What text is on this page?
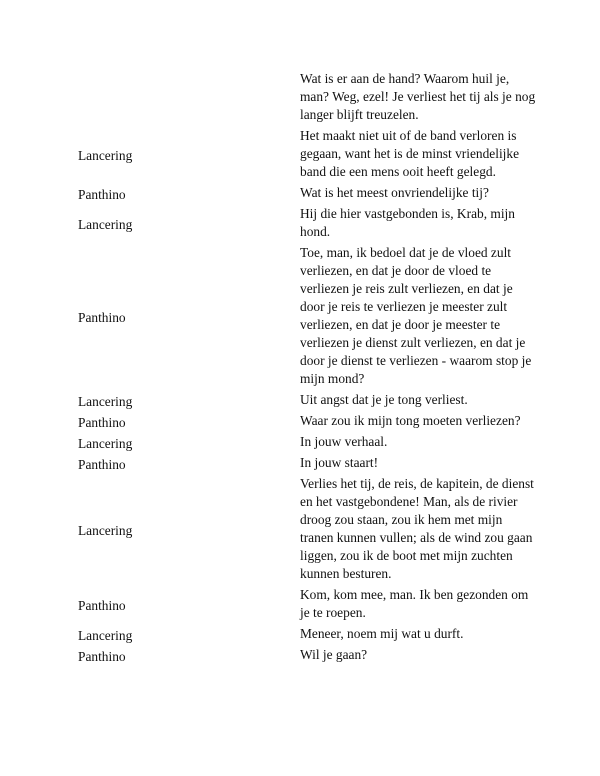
	Wat is er aan de hand? Waarom huil je, man? Weg, ezel! Je verliest het tij als je nog langer blijft treuzelen.
Lancering	Het maakt niet uit of de band verloren is gegaan, want het is de minst vriendelijke band die een mens ooit heeft gelegd.
Panthino	Wat is het meest onvriendelijke tij?
Lancering	Hij die hier vastgebonden is, Krab, mijn hond.
Panthino	Toe, man, ik bedoel dat je de vloed zult verliezen, en dat je door de vloed te verliezen je reis zult verliezen, en dat je door je reis te verliezen je meester zult verliezen, en dat je door je meester te verliezen je dienst zult verliezen, en dat je door je dienst te verliezen - waarom stop je mijn mond?
Lancering	Uit angst dat je je tong verliest.
Panthino	Waar zou ik mijn tong moeten verliezen?
Lancering	In jouw verhaal.
Panthino	In jouw staart!
Lancering	Verlies het tij, de reis, de kapitein, de dienst en het vastgebondene! Man, als de rivier droog zou staan, zou ik hem met mijn tranen kunnen vullen; als de wind zou gaan liggen, zou ik de boot met mijn zuchten kunnen besturen.
Panthino	Kom, kom mee, man. Ik ben gezonden om je te roepen.
Lancering	Meneer, noem mij wat u durft.
Panthino	Wil je gaan?
